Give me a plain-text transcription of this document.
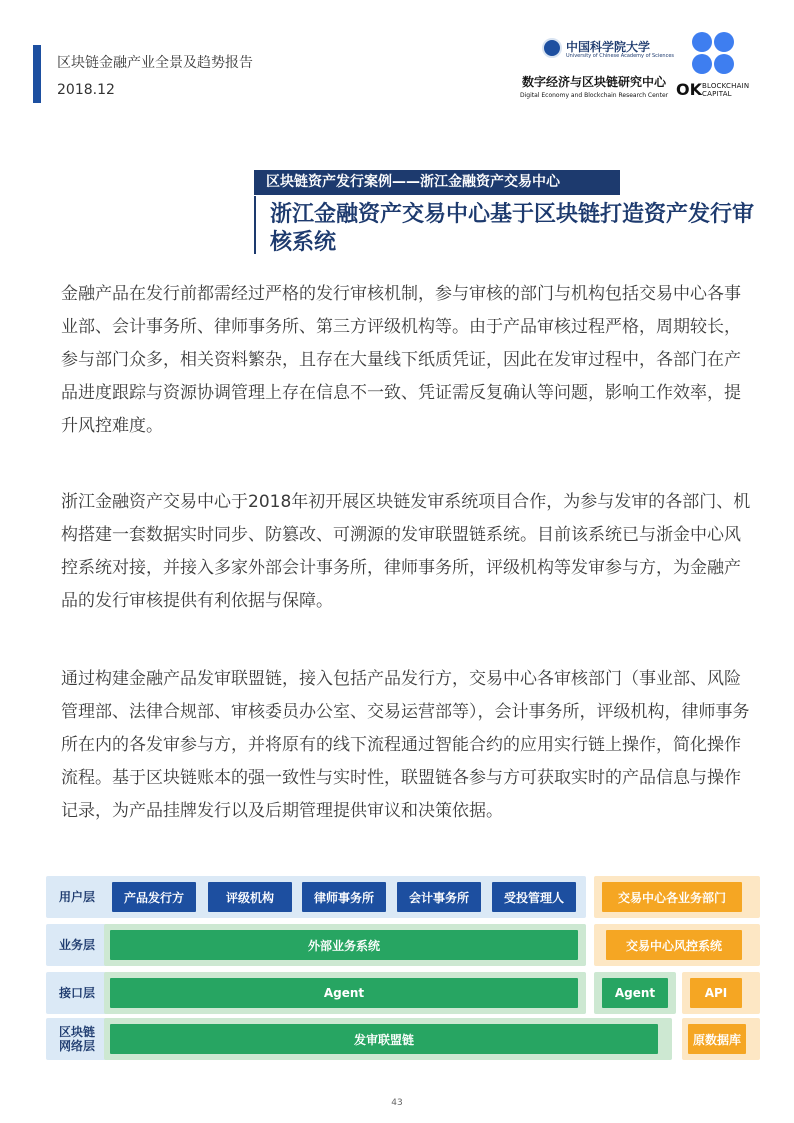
区块链金融产业全景及趋势报告
2018.12
中国科学院大学
University of Chinese Academy of Sciences
数字经济与区块链研究中心
Digital Economy and Blockchain Research Center OK BLOCKCHAIN
CAPITAL
区块链资产发行案例——浙江金融资产交易中心
浙江金融资产交易中心基于区块链打造资产发行审核系统
金融产品在发行前都需经过严格的发行审核机制，参与审核的部门与机构包括交易中心各事业部、会计事务所、律师事务所、第三方评级机构等。由于产品审核过程严格，周期较长，参与部门众多，相关资料繁杂，且存在大量线下纸质凭证，因此在发审过程中，各部门在产品进度跟踪与资源协调管理上存在信息不一致、凭证需反复确认等问题，影响工作效率，提升风控难度。
浙江金融资产交易中心于2018年初开展区块链发审系统项目合作，为参与发审的各部门、机构搭建一套数据实时同步、防篡改、可溯源的发审联盟链系统。目前该系统已与浙金中心风控系统对接，并接入多家外部会计事务所，律师事务所，评级机构等发审参与方，为金融产品的发行审核提供有利依据与保障。
通过构建金融产品发审联盟链，接入包括产品发行方，交易中心各审核部门（事业部、风险管理部、法律合规部、审核委员办公室、交易运营部等），会计事务所，评级机构，律师事务所在内的各发审参与方，并将原有的线下流程通过智能合约的应用实行链上操作，简化操作流程。基于区块链账本的强一致性与实时性，联盟链各参与方可获取实时的产品信息与操作记录，为产品挂牌发行以及后期管理提供审议和决策依据。
用户层	产品发行方	评级机构	律师事务所	会计事务所	受投管理人	交易中心各业务部门
业务层	外部业务系统	交易中心风控系统
接口层	Agent	Agent	API
区块链网络层	发审联盟链	原数据库
43
